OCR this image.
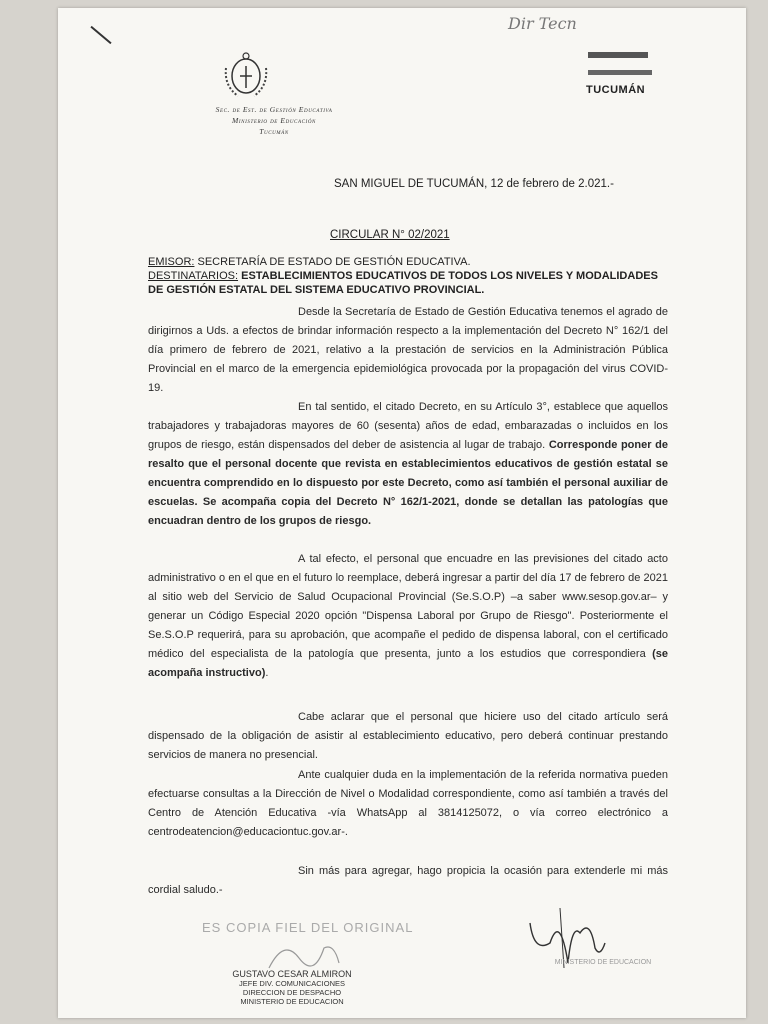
Dir Tecn
Sec. de Est. de Gestión Educativa
Ministerio de Educación
Tucumán
TUCUMÁN
SAN MIGUEL DE TUCUMÁN, 12 de febrero de 2.021.-
CIRCULAR N° 02/2021
EMISOR: SECRETARÍA DE ESTADO DE GESTIÓN EDUCATIVA.
DESTINATARIOS: ESTABLECIMIENTOS EDUCATIVOS DE TODOS LOS NIVELES Y MODALIDADES DE GESTIÓN ESTATAL DEL SISTEMA EDUCATIVO PROVINCIAL.
Desde la Secretaría de Estado de Gestión Educativa tenemos el agrado de dirigirnos a Uds. a efectos de brindar información respecto a la implementación del Decreto N° 162/1 del día primero de febrero de 2021, relativo a la prestación de servicios en la Administración Pública Provincial en el marco de la emergencia epidemiológica provocada por la propagación del virus COVID-19.
En tal sentido, el citado Decreto, en su Artículo 3°, establece que aquellos trabajadores y trabajadoras mayores de 60 (sesenta) años de edad, embarazadas o incluidos en los grupos de riesgo, están dispensados del deber de asistencia al lugar de trabajo. Corresponde poner de resalto que el personal docente que revista en establecimientos educativos de gestión estatal se encuentra comprendido en lo dispuesto por este Decreto, como así también el personal auxiliar de escuelas. Se acompaña copia del Decreto N° 162/1-2021, donde se detallan las patologías que encuadran dentro de los grupos de riesgo.
A tal efecto, el personal que encuadre en las previsiones del citado acto administrativo o en el que en el futuro lo reemplace, deberá ingresar a partir del día 17 de febrero de 2021 al sitio web del Servicio de Salud Ocupacional Provincial (Se.S.O.P) –a saber www.sesop.gov.ar– y generar un Código Especial 2020 opción "Dispensa Laboral por Grupo de Riesgo". Posteriormente el Se.S.O.P requerirá, para su aprobación, que acompañe el pedido de dispensa laboral, con el certificado médico del especialista de la patología que presenta, junto a los estudios que correspondiera (se acompaña instructivo).
Cabe aclarar que el personal que hiciere uso del citado artículo será dispensado de la obligación de asistir al establecimiento educativo, pero deberá continuar prestando servicios de manera no presencial.
Ante cualquier duda en la implementación de la referida normativa pueden efectuarse consultas a la Dirección de Nivel o Modalidad correspondiente, como así también a través del Centro de Atención Educativa -vía WhatsApp al 3814125072, o vía correo electrónico a centrodeatencion@educaciontuc.gov.ar-.
Sin más para agregar, hago propicia la ocasión para extenderle mi más cordial saludo.-
ES COPIA FIEL DEL ORIGINAL
GUSTAVO CESAR ALMIRON
JEFE DIV. COMUNICACIONES
DIRECCION DE DESPACHO
MINISTERIO DE EDUCACION
MINISTERIO DE EDUCACION
